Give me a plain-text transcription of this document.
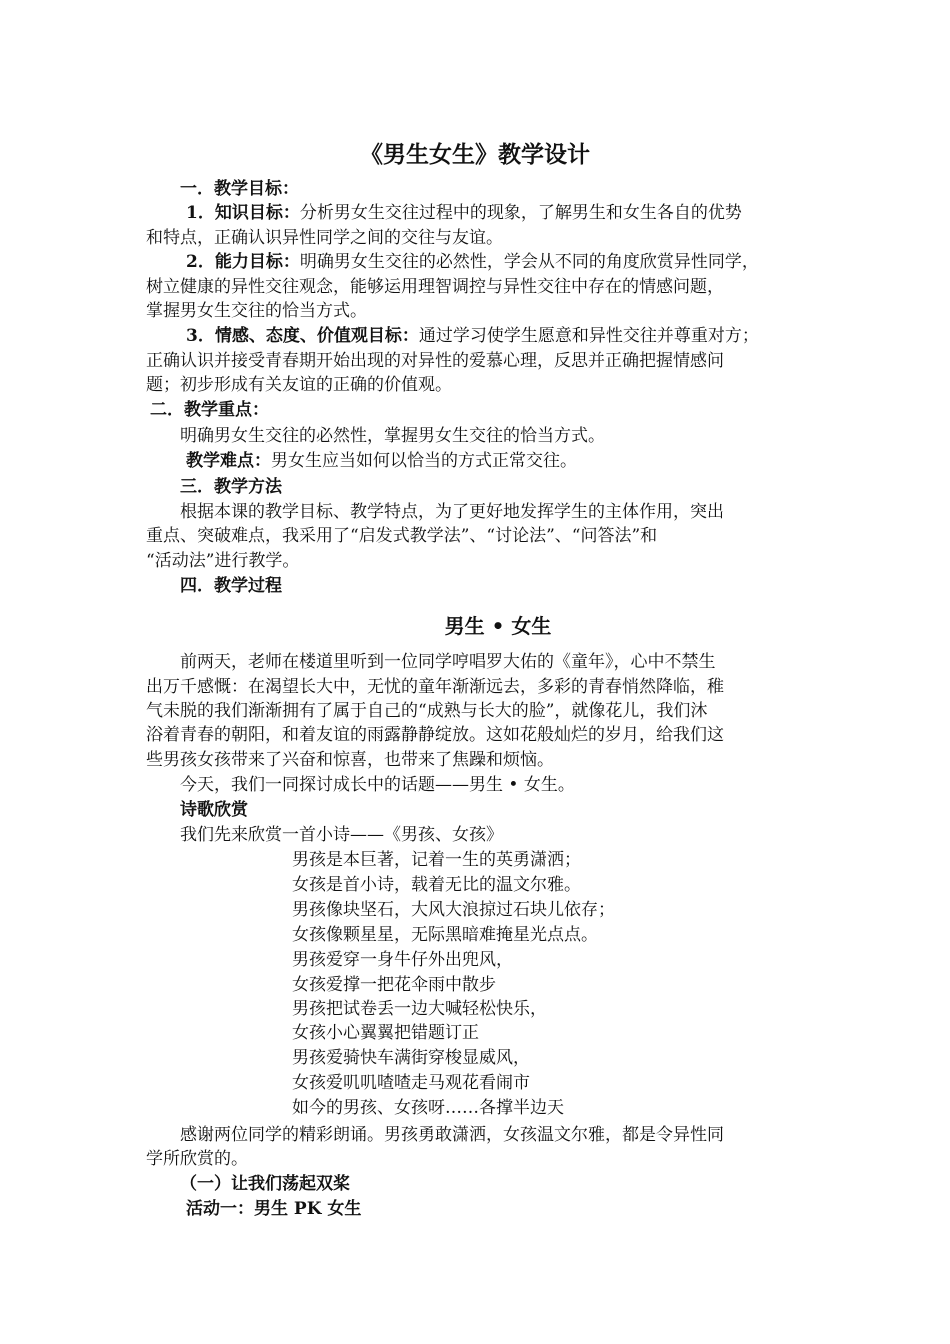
《男生女生》教学设计
一．教学目标：
1．知识目标：分析男女生交往过程中的现象，了解男生和女生各自的优势
和特点，正确认识异性同学之间的交往与友谊。
2．能力目标：明确男女生交往的必然性，学会从不同的角度欣赏异性同学，
树立健康的异性交往观念，能够运用理智调控与异性交往中存在的情感问题，
掌握男女生交往的恰当方式。
3．情感、态度、价值观目标：通过学习使学生愿意和异性交往并尊重对方；
正确认识并接受青春期开始出现的对异性的爱慕心理，反思并正确把握情感问
题；初步形成有关友谊的正确的价值观。
二．教学重点：
明确男女生交往的必然性，掌握男女生交往的恰当方式。
教学难点：男女生应当如何以恰当的方式正常交往。
三．教学方法
根据本课的教学目标、教学特点，为了更好地发挥学生的主体作用，突出
重点、突破难点，我采用了“启发式教学法”、“讨论法”、“问答法”和
“活动法”进行教学。
四．教学过程
男生 • 女生
前两天，老师在楼道里听到一位同学哼唱罗大佑的《童年》，心中不禁生
出万千感慨：在渴望长大中，无忧的童年渐渐远去，多彩的青春悄然降临，稚
气未脱的我们渐渐拥有了属于自己的“成熟与长大的脸”，就像花儿，我们沐
浴着青春的朝阳，和着友谊的雨露静静绽放。这如花般灿烂的岁月，给我们这
些男孩女孩带来了兴奋和惊喜，也带来了焦躁和烦恼。
今天，我们一同探讨成长中的话题——男生 • 女生。
诗歌欣赏
我们先来欣赏一首小诗——《男孩、女孩》
男孩是本巨著，记着一生的英勇潇洒；
女孩是首小诗，载着无比的温文尔雅。
男孩像块坚石，大风大浪掠过石块儿依存；
女孩像颗星星，无际黑暗难掩星光点点。
男孩爱穿一身牛仔外出兜风，
女孩爱撑一把花伞雨中散步
男孩把试卷丢一边大喊轻松快乐，
女孩小心翼翼把错题订正
男孩爱骑快车满街穿梭显威风，
女孩爱叽叽喳喳走马观花看闹市
如今的男孩、女孩呀……各撑半边天
感谢两位同学的精彩朗诵。男孩勇敢潇洒，女孩温文尔雅，都是令异性同
学所欣赏的。
（一）让我们荡起双桨
活动一：男生 PK 女生
